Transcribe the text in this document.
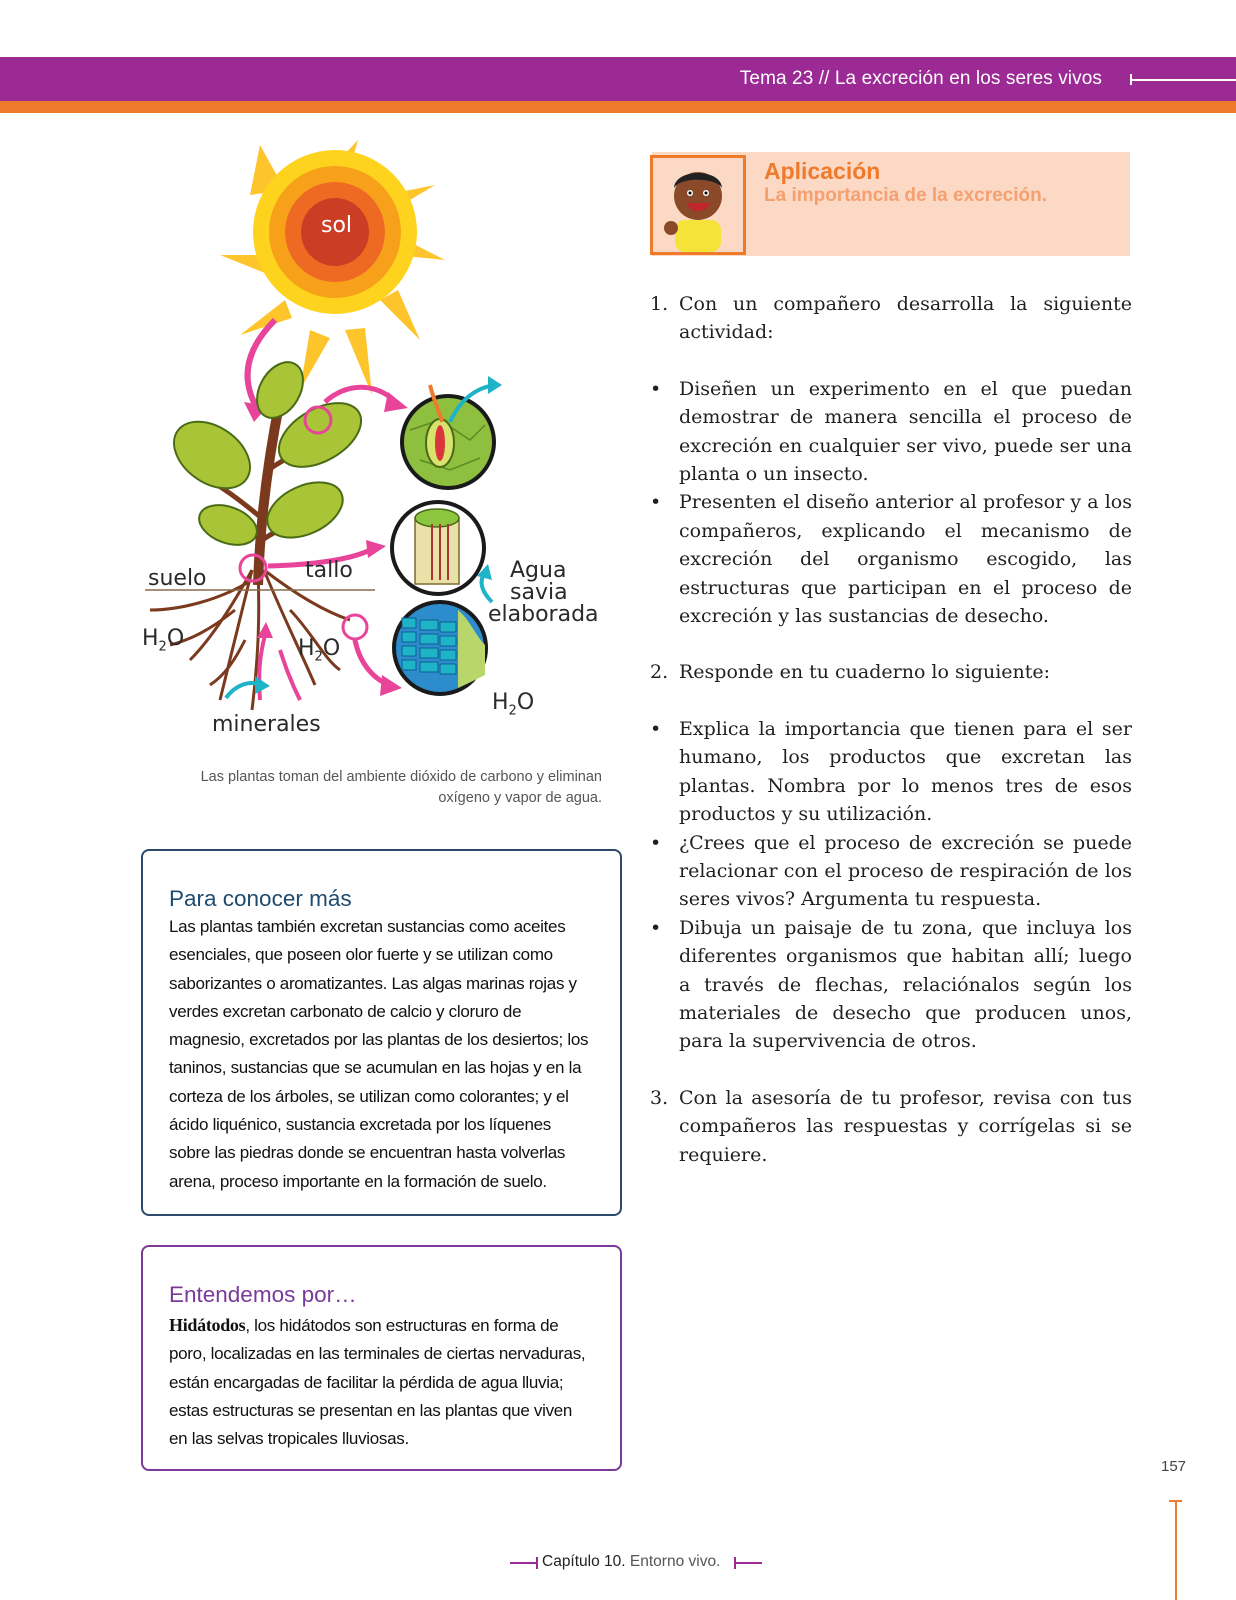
Tema 23 // La excreción en los seres vivos
sol
suelo	tallo	Agua
savia
elaborada
$H_2O$	$H_2O$
$H_2O$
minerales
Las plantas toman del ambiente dióxido de carbono y eliminan oxígeno y vapor de agua.
Para conocer más
Las plantas también excretan sustancias como aceites esenciales, que poseen olor fuerte y se utilizan como saborizantes o aromatizantes. Las algas marinas rojas y verdes excretan carbonato de calcio y cloruro de magnesio, excretados por las plantas de los desiertos; los taninos, sustancias que se acumulan en las hojas y en la corteza de los árboles, se utilizan como colorantes; y el ácido liquénico, sustancia excretada por los líquenes sobre las piedras donde se encuentran hasta volverlas arena, proceso importante en la formación de suelo.
Entendemos por…
Hidátodos, los hidátodos son estructuras en forma de poro, localizadas en las terminales de ciertas nervaduras, están encargadas de facilitar la pérdida de agua lluvia; estas estructuras se presentan en las plantas que viven en las selvas tropicales lluviosas.
Aplicación
La importancia de la excreción.
1. Con un compañero desarrolla la siguiente actividad:
• Diseñen un experimento en el que puedan demostrar de manera sencilla el proceso de excreción en cualquier ser vivo, puede ser una planta o un insecto.
• Presenten el diseño anterior al profesor y a los compañeros, explicando el mecanismo de excreción del organismo escogido, las estructuras que participan en el proceso de excreción y las sustancias de desecho.
2. Responde en tu cuaderno lo siguiente:
• Explica la importancia que tienen para el ser humano, los productos que excretan las plantas. Nombra por lo menos tres de esos productos y su utilización.
• ¿Crees que el proceso de excreción se puede relacionar con el proceso de respiración de los seres vivos? Argumenta tu respuesta.
• Dibuja un paisaje de tu zona, que incluya los diferentes organismos que habitan allí; luego a través de flechas, relaciónalos según los materiales de desecho que producen unos, para la supervivencia de otros.
3. Con la asesoría de tu profesor, revisa con tus compañeros las respuestas y corrígelas si se requiere.
157
Capítulo 10. Entorno vivo.
